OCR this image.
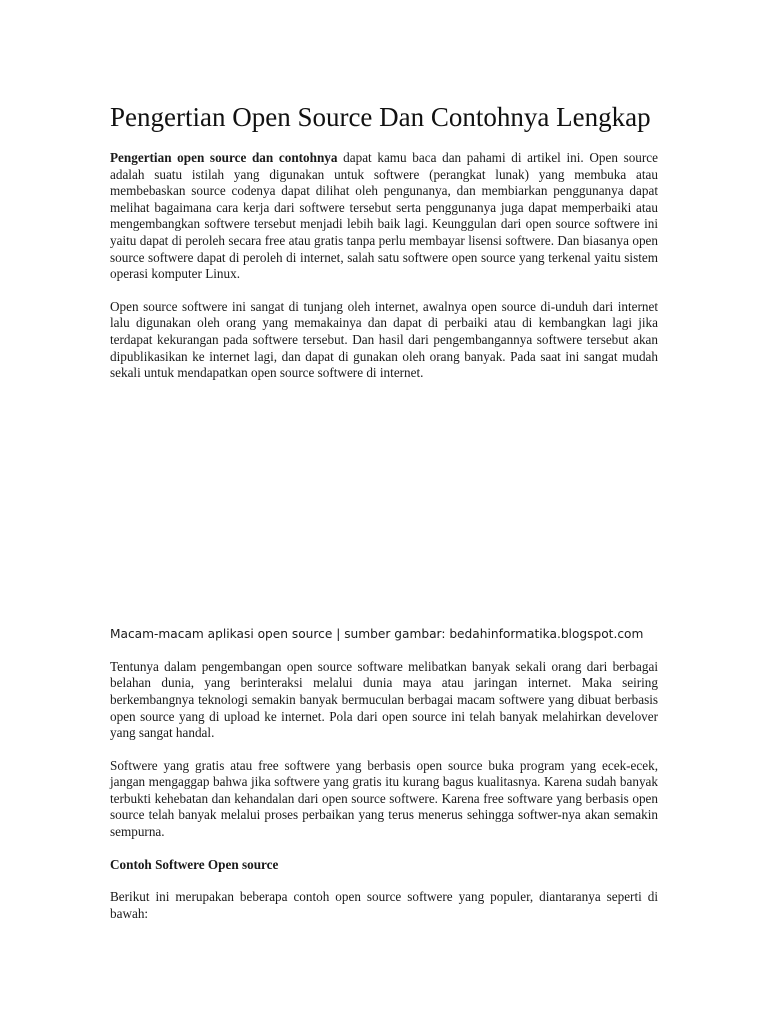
Pengertian Open Source Dan Contohnya Lengkap

Pengertian open source dan contohnya dapat kamu baca dan pahami di artikel ini. Open source adalah suatu istilah yang digunakan untuk softwere (perangkat lunak) yang membuka atau membebaskan source codenya dapat dilihat oleh pengunanya, dan membiarkan penggunanya dapat melihat bagaimana cara kerja dari softwere tersebut serta penggunanya juga dapat memperbaiki atau mengembangkan softwere tersebut menjadi lebih baik lagi. Keunggulan dari open source softwere ini yaitu dapat di peroleh secara free atau gratis tanpa perlu membayar lisensi softwere. Dan biasanya open source softwere dapat di peroleh di internet, salah satu softwere open source yang terkenal yaitu sistem operasi komputer Linux.

Open source softwere ini sangat di tunjang oleh internet, awalnya open source di-unduh dari internet lalu digunakan oleh orang yang memakainya dan dapat di perbaiki atau di kembangkan lagi jika terdapat kekurangan pada softwere tersebut. Dan hasil dari pengembangannya softwere tersebut akan dipublikasikan ke internet lagi, dan dapat di gunakan oleh orang banyak. Pada saat ini sangat mudah sekali untuk mendapatkan open source softwere di internet.

Macam-macam aplikasi open source | sumber gambar: bedahinformatika.blogspot.com

Tentunya dalam pengembangan open source software melibatkan banyak sekali orang dari berbagai belahan dunia, yang berinteraksi melalui dunia maya atau jaringan internet. Maka seiring berkembangnya teknologi semakin banyak bermuculan berbagai macam softwere yang dibuat berbasis open source yang di upload ke internet. Pola dari open source ini telah banyak melahirkan develover yang sangat handal.

Softwere yang gratis atau free softwere yang berbasis open source buka program yang ecek-ecek, jangan mengaggap bahwa jika softwere yang gratis itu kurang bagus kualitasnya. Karena sudah banyak terbukti kehebatan dan kehandalan dari open source softwere. Karena free software yang berbasis open source telah banyak melalui proses perbaikan yang terus menerus sehingga softwer-nya akan semakin sempurna.

Contoh Softwere Open source

Berikut ini merupakan beberapa contoh open source softwere yang populer, diantaranya seperti di bawah:
